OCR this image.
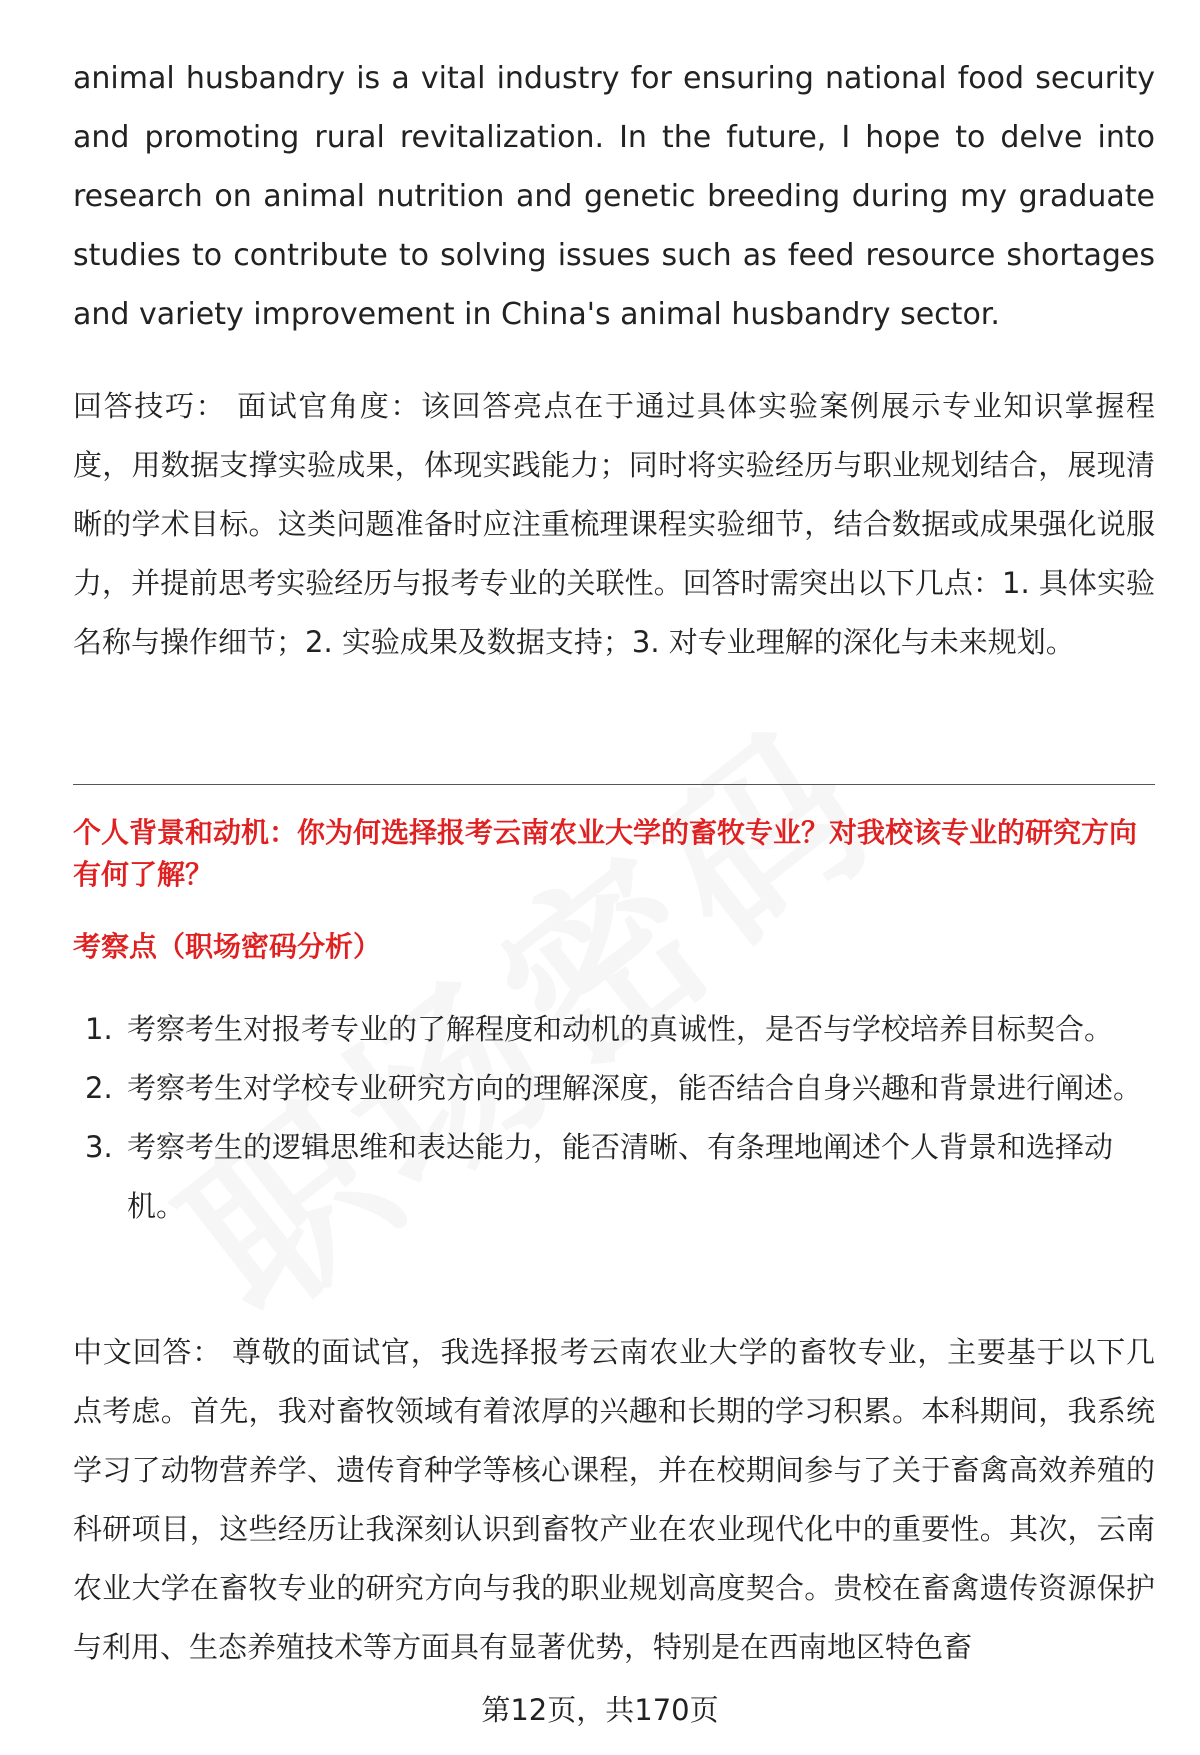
animal husbandry is a vital industry for ensuring national food security and promoting rural revitalization. In the future, I hope to delve into research on animal nutrition and genetic breeding during my graduate studies to contribute to solving issues such as feed resource shortages and variety improvement in China's animal husbandry sector.

回答技巧： 面试官角度：该回答亮点在于通过具体实验案例展示专业知识掌握程度，用数据支撑实验成果，体现实践能力；同时将实验经历与职业规划结合，展现清晰的学术目标。这类问题准备时应注重梳理课程实验细节，结合数据或成果强化说服力，并提前思考实验经历与报考专业的关联性。回答时需突出以下几点：1. 具体实验名称与操作细节；2. 实验成果及数据支持；3. 对专业理解的深化与未来规划。

个人背景和动机：你为何选择报考云南农业大学的畜牧专业？对我校该专业的研究方向有何了解？
考察点（职场密码分析）
1. 考察考生对报考专业的了解程度和动机的真诚性，是否与学校培养目标契合。
2. 考察考生对学校专业研究方向的理解深度，能否结合自身兴趣和背景进行阐述。
3. 考察考生的逻辑思维和表达能力，能否清晰、有条理地阐述个人背景和选择动机。

中文回答： 尊敬的面试官，我选择报考云南农业大学的畜牧专业，主要基于以下几点考虑。首先，我对畜牧领域有着浓厚的兴趣和长期的学习积累。本科期间，我系统学习了动物营养学、遗传育种学等核心课程，并在校期间参与了关于畜禽高效养殖的科研项目，这些经历让我深刻认识到畜牧产业在农业现代化中的重要性。其次，云南农业大学在畜牧专业的研究方向与我的职业规划高度契合。贵校在畜禽遗传资源保护与利用、生态养殖技术等方面具有显著优势，特别是在西南地区特色畜

第12页，共170页
